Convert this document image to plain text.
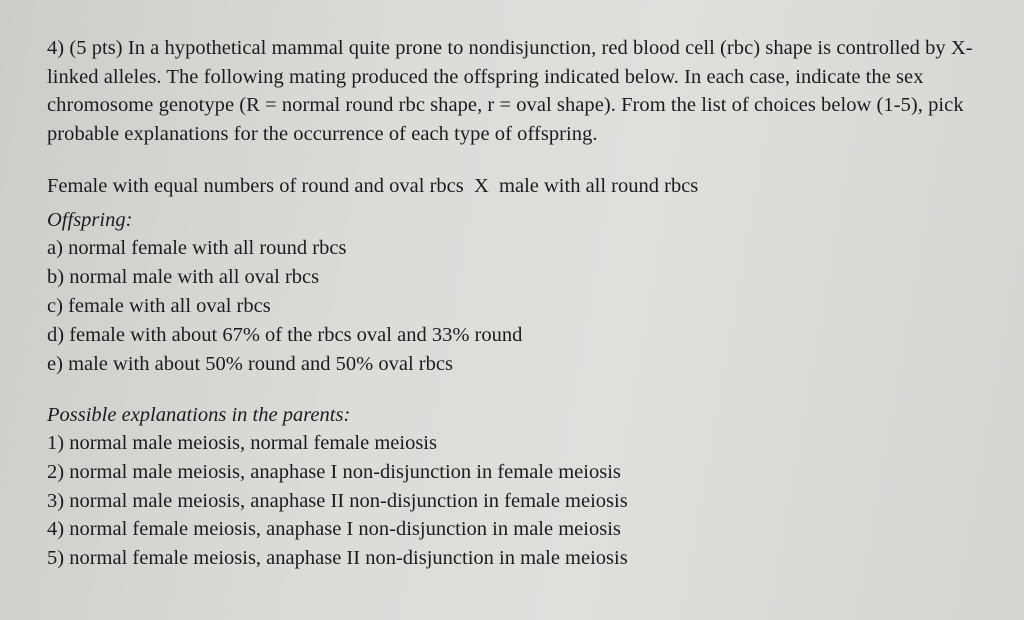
4) (5 pts) In a hypothetical mammal quite prone to nondisjunction, red blood cell (rbc) shape is controlled by X-linked alleles. The following mating produced the offspring indicated below. In each case, indicate the sex chromosome genotype (R = normal round rbc shape, r = oval shape). From the list of choices below (1-5), pick probable explanations for the occurrence of each type of offspring.

Female with equal numbers of round and oval rbcs  X  male with all round rbcs

Offspring:

a) normal female with all round rbcs
b) normal male with all oval rbcs
c) female with all oval rbcs
d) female with about 67% of the rbcs oval and 33% round
e) male with about 50% round and 50% oval rbcs

Possible explanations in the parents:

1) normal male meiosis, normal female meiosis
2) normal male meiosis, anaphase I non-disjunction in female meiosis
3) normal male meiosis, anaphase II non-disjunction in female meiosis
4) normal female meiosis, anaphase I non-disjunction in male meiosis
5) normal female meiosis, anaphase II non-disjunction in male meiosis
